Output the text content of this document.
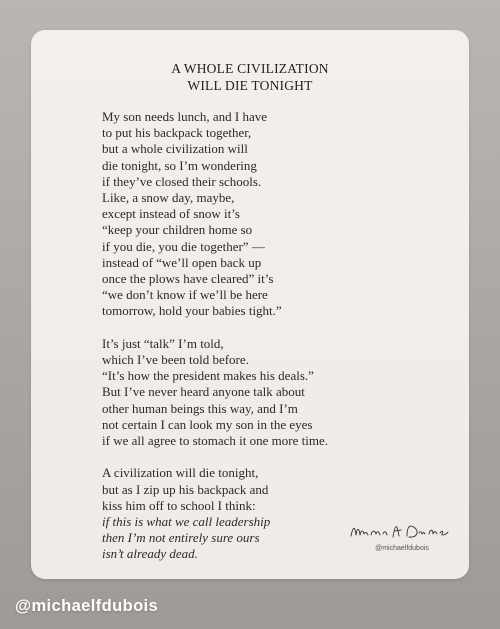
A WHOLE CIVILIZATION
WILL DIE TONIGHT
My son needs lunch, and I have
to put his backpack together,
but a whole civilization will
die tonight, so I’m wondering
if they’ve closed their schools.
Like, a snow day, maybe,
except instead of snow it’s
“keep your children home so
if you die, you die together” —
instead of “we’ll open back up
once the plows have cleared” it’s
“we don’t know if we’ll be here
tomorrow, hold your babies tight.”
It’s just “talk” I’m told,
which I’ve been told before.
“It’s how the president makes his deals.”
But I’ve never heard anyone talk about
other human beings this way, and I’m
not certain I can look my son in the eyes
if we all agree to stomach it one more time.
A civilization will die tonight,
but as I zip up his backpack and
kiss him off to school I think:
if this is what we call leadership
then I’m not entirely sure ours
isn’t already dead.	@michaelfdubois
@michaelfdubois
